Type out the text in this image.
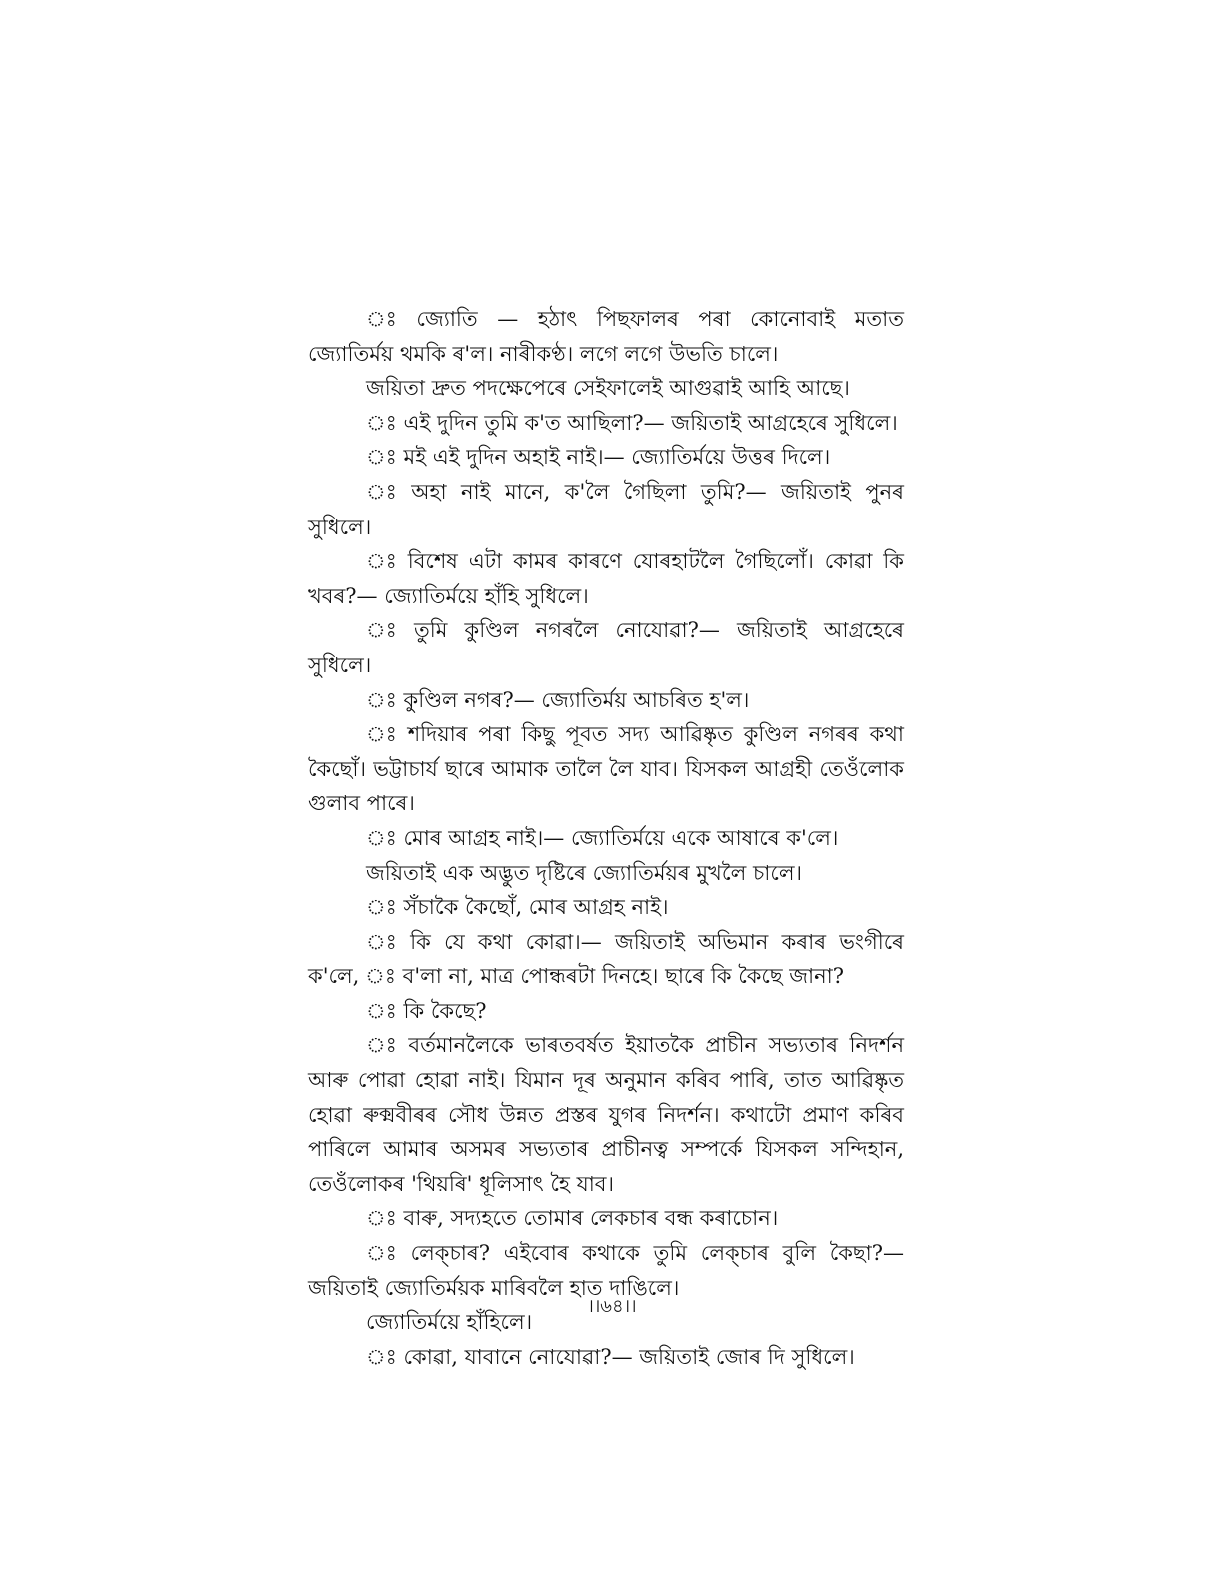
ঃ জ্যোতি — হঠাৎ পিছফালৰ পৰা কোনোবাই মতাত জ্যোতিৰ্ময় থমকি ৰ'ল। নাৰীকণ্ঠ। লগে লগে উভতি চালে।

জয়িতা দ্ৰুত পদক্ষেপেৰে সেইফালেই আগুৱাই আহি আছে।

ঃ এই দুদিন তুমি ক'ত আছিলা?— জয়িতাই আগ্ৰহেৰে সুধিলে।

ঃ মই এই দুদিন অহাই নাই।— জ্যোতিৰ্ময়ে উত্তৰ দিলে।

ঃ অহা নাই মানে, ক'লৈ গৈছিলা তুমি?— জয়িতাই পুনৰ সুধিলে।

ঃ বিশেষ এটা কামৰ কাৰণে যোৰহাটলৈ গৈছিলোঁ। কোৱা কি খবৰ?— জ্যোতিৰ্ময়ে হাঁহি সুধিলে।

ঃ তুমি কুণ্ডিল নগৰলৈ নোযোৱা?— জয়িতাই আগ্ৰহেৰে সুধিলে।

ঃ কুণ্ডিল নগৰ?— জ্যোতিৰ্ময় আচৰিত হ'ল।

ঃ শদিয়াৰ পৰা কিছু পূবত সদ্য আৱিষ্কৃত কুণ্ডিল নগৰৰ কথা কৈছোঁ। ভট্টাচাৰ্য ছাৰে আমাক তালৈ লৈ যাব। যিসকল আগ্ৰহী তেওঁলোক গুলাব পাৰে।

ঃ মোৰ আগ্ৰহ নাই।— জ্যোতিৰ্ময়ে একে আষাৰে ক'লে।

জয়িতাই এক অদ্ভুত দৃষ্টিৰে জ্যোতিৰ্ময়ৰ মুখলৈ চালে।

ঃ সঁচাকৈ কৈছোঁ, মোৰ আগ্ৰহ নাই।

ঃ কি যে কথা কোৱা।— জয়িতাই অভিমান কৰাৰ ভংগীৰে ক'লে, ঃ ব'লা না, মাত্ৰ পোন্ধৰটা দিনহে। ছাৰে কি কৈছে জানা?

ঃ কি কৈছে?

ঃ বৰ্তমানলৈকে ভাৰতবৰ্ষত ইয়াতকৈ প্ৰাচীন সভ্যতাৰ নিদৰ্শন আৰু পোৱা হোৱা নাই। যিমান দূৰ অনুমান কৰিব পাৰি, তাত আৱিষ্কৃত হোৱা ৰুক্মবীৰৰ সৌধ উন্নত প্ৰস্তৰ যুগৰ নিদৰ্শন। কথাটো প্ৰমাণ কৰিব পাৰিলে আমাৰ অসমৰ সভ্যতাৰ প্ৰাচীনত্ব সম্পৰ্কে যিসকল সন্দিহান, তেওঁলোকৰ 'থিয়ৰি' ধূলিসাৎ হৈ যাব।

ঃ বাৰু, সদ্যহতে তোমাৰ লেকচাৰ বন্ধ কৰাচোন।

ঃ লেক্‌চাৰ? এইবোৰ কথাকে তুমি লেক্‌চাৰ বুলি কৈছা?— জয়িতাই জ্যোতিৰ্ময়ক মাৰিবলৈ হাত দাঙিলে।

জ্যোতিৰ্ময়ে হাঁহিলে।

ঃ কোৱা, যাবানে নোযোৱা?— জয়িতাই জোৰ দি সুধিলে।

।।৬৪।।
